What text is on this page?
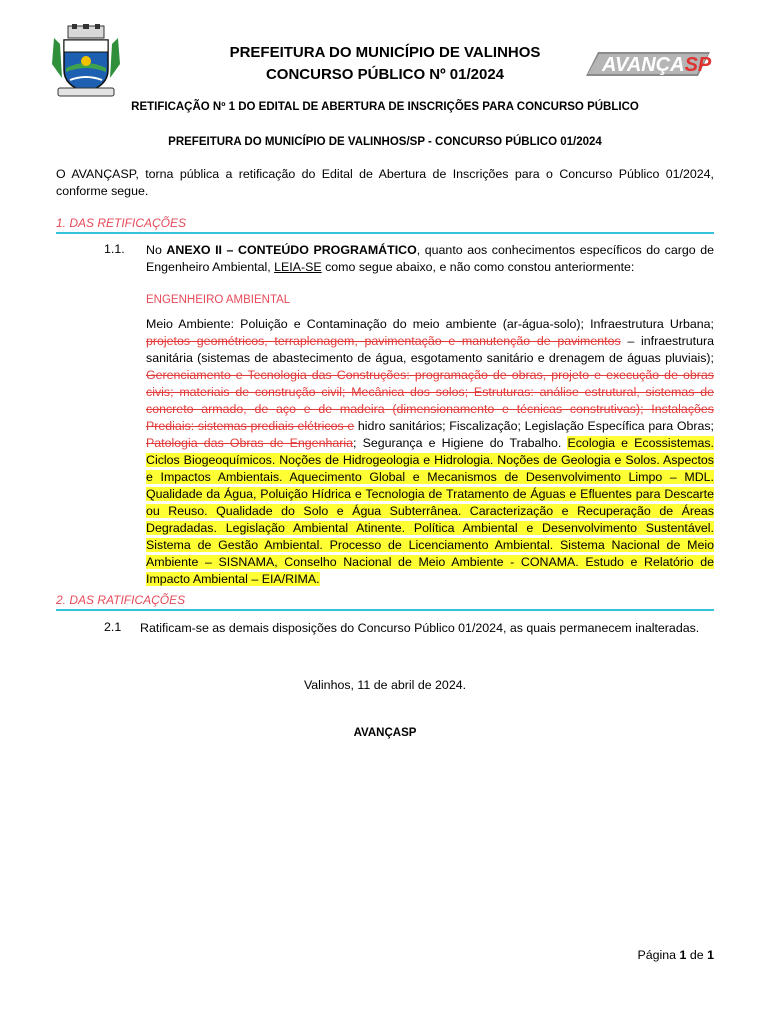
PREFEITURA DO MUNICÍPIO DE VALINHOS
CONCURSO PÚBLICO Nº 01/2024	AVANÇASP
RETIFICAÇÃO Nº 1 DO EDITAL DE ABERTURA DE INSCRIÇÕES PARA CONCURSO PÚBLICO
PREFEITURA DO MUNICÍPIO DE VALINHOS/SP - CONCURSO PÚBLICO 01/2024
O AVANÇASP, torna pública a retificação do Edital de Abertura de Inscrições para o Concurso Público 01/2024, conforme segue.
1. DAS RETIFICAÇÕES
1.1. No ANEXO II – CONTEÚDO PROGRAMÁTICO, quanto aos conhecimentos específicos do cargo de Engenheiro Ambiental, LEIA-SE como segue abaixo, e não como constou anteriormente:
ENGENHEIRO AMBIENTAL
Meio Ambiente: Poluição e Contaminação do meio ambiente (ar-água-solo); Infraestrutura Urbana; projetos geométricos, terraplenagem, pavimentação e manutenção de pavimentos – infraestrutura sanitária (sistemas de abastecimento de água, esgotamento sanitário e drenagem de águas pluviais); Gerenciamento e Tecnologia das Construções: programação de obras, projeto e execução de obras civis; materiais de construção civil; Mecânica dos solos; Estruturas: análise estrutural, sistemas de concreto armado, de aço e de madeira (dimensionamento e técnicas construtivas); Instalações Prediais: sistemas prediais elétricos e hidro sanitários; Fiscalização; Legislação Específica para Obras; Patologia das Obras de Engenharia; Segurança e Higiene do Trabalho. Ecologia e Ecossistemas. Ciclos Biogeoquímicos. Noções de Hidrogeologia e Hidrologia. Noções de Geologia e Solos. Aspectos e Impactos Ambientais. Aquecimento Global e Mecanismos de Desenvolvimento Limpo – MDL. Qualidade da Água, Poluição Hídrica e Tecnologia de Tratamento de Águas e Efluentes para Descarte ou Reuso. Qualidade do Solo e Água Subterrânea. Caracterização e Recuperação de Áreas Degradadas. Legislação Ambiental Atinente. Política Ambiental e Desenvolvimento Sustentável. Sistema de Gestão Ambiental. Processo de Licenciamento Ambiental. Sistema Nacional de Meio Ambiente – SISNAMA, Conselho Nacional de Meio Ambiente - CONAMA. Estudo e Relatório de Impacto Ambiental – EIA/RIMA.
2. DAS RATIFICAÇÕES
2.1 Ratificam-se as demais disposições do Concurso Público 01/2024, as quais permanecem inalteradas.
Valinhos, 11 de abril de 2024.
AVANÇASP
Página 1 de 1
